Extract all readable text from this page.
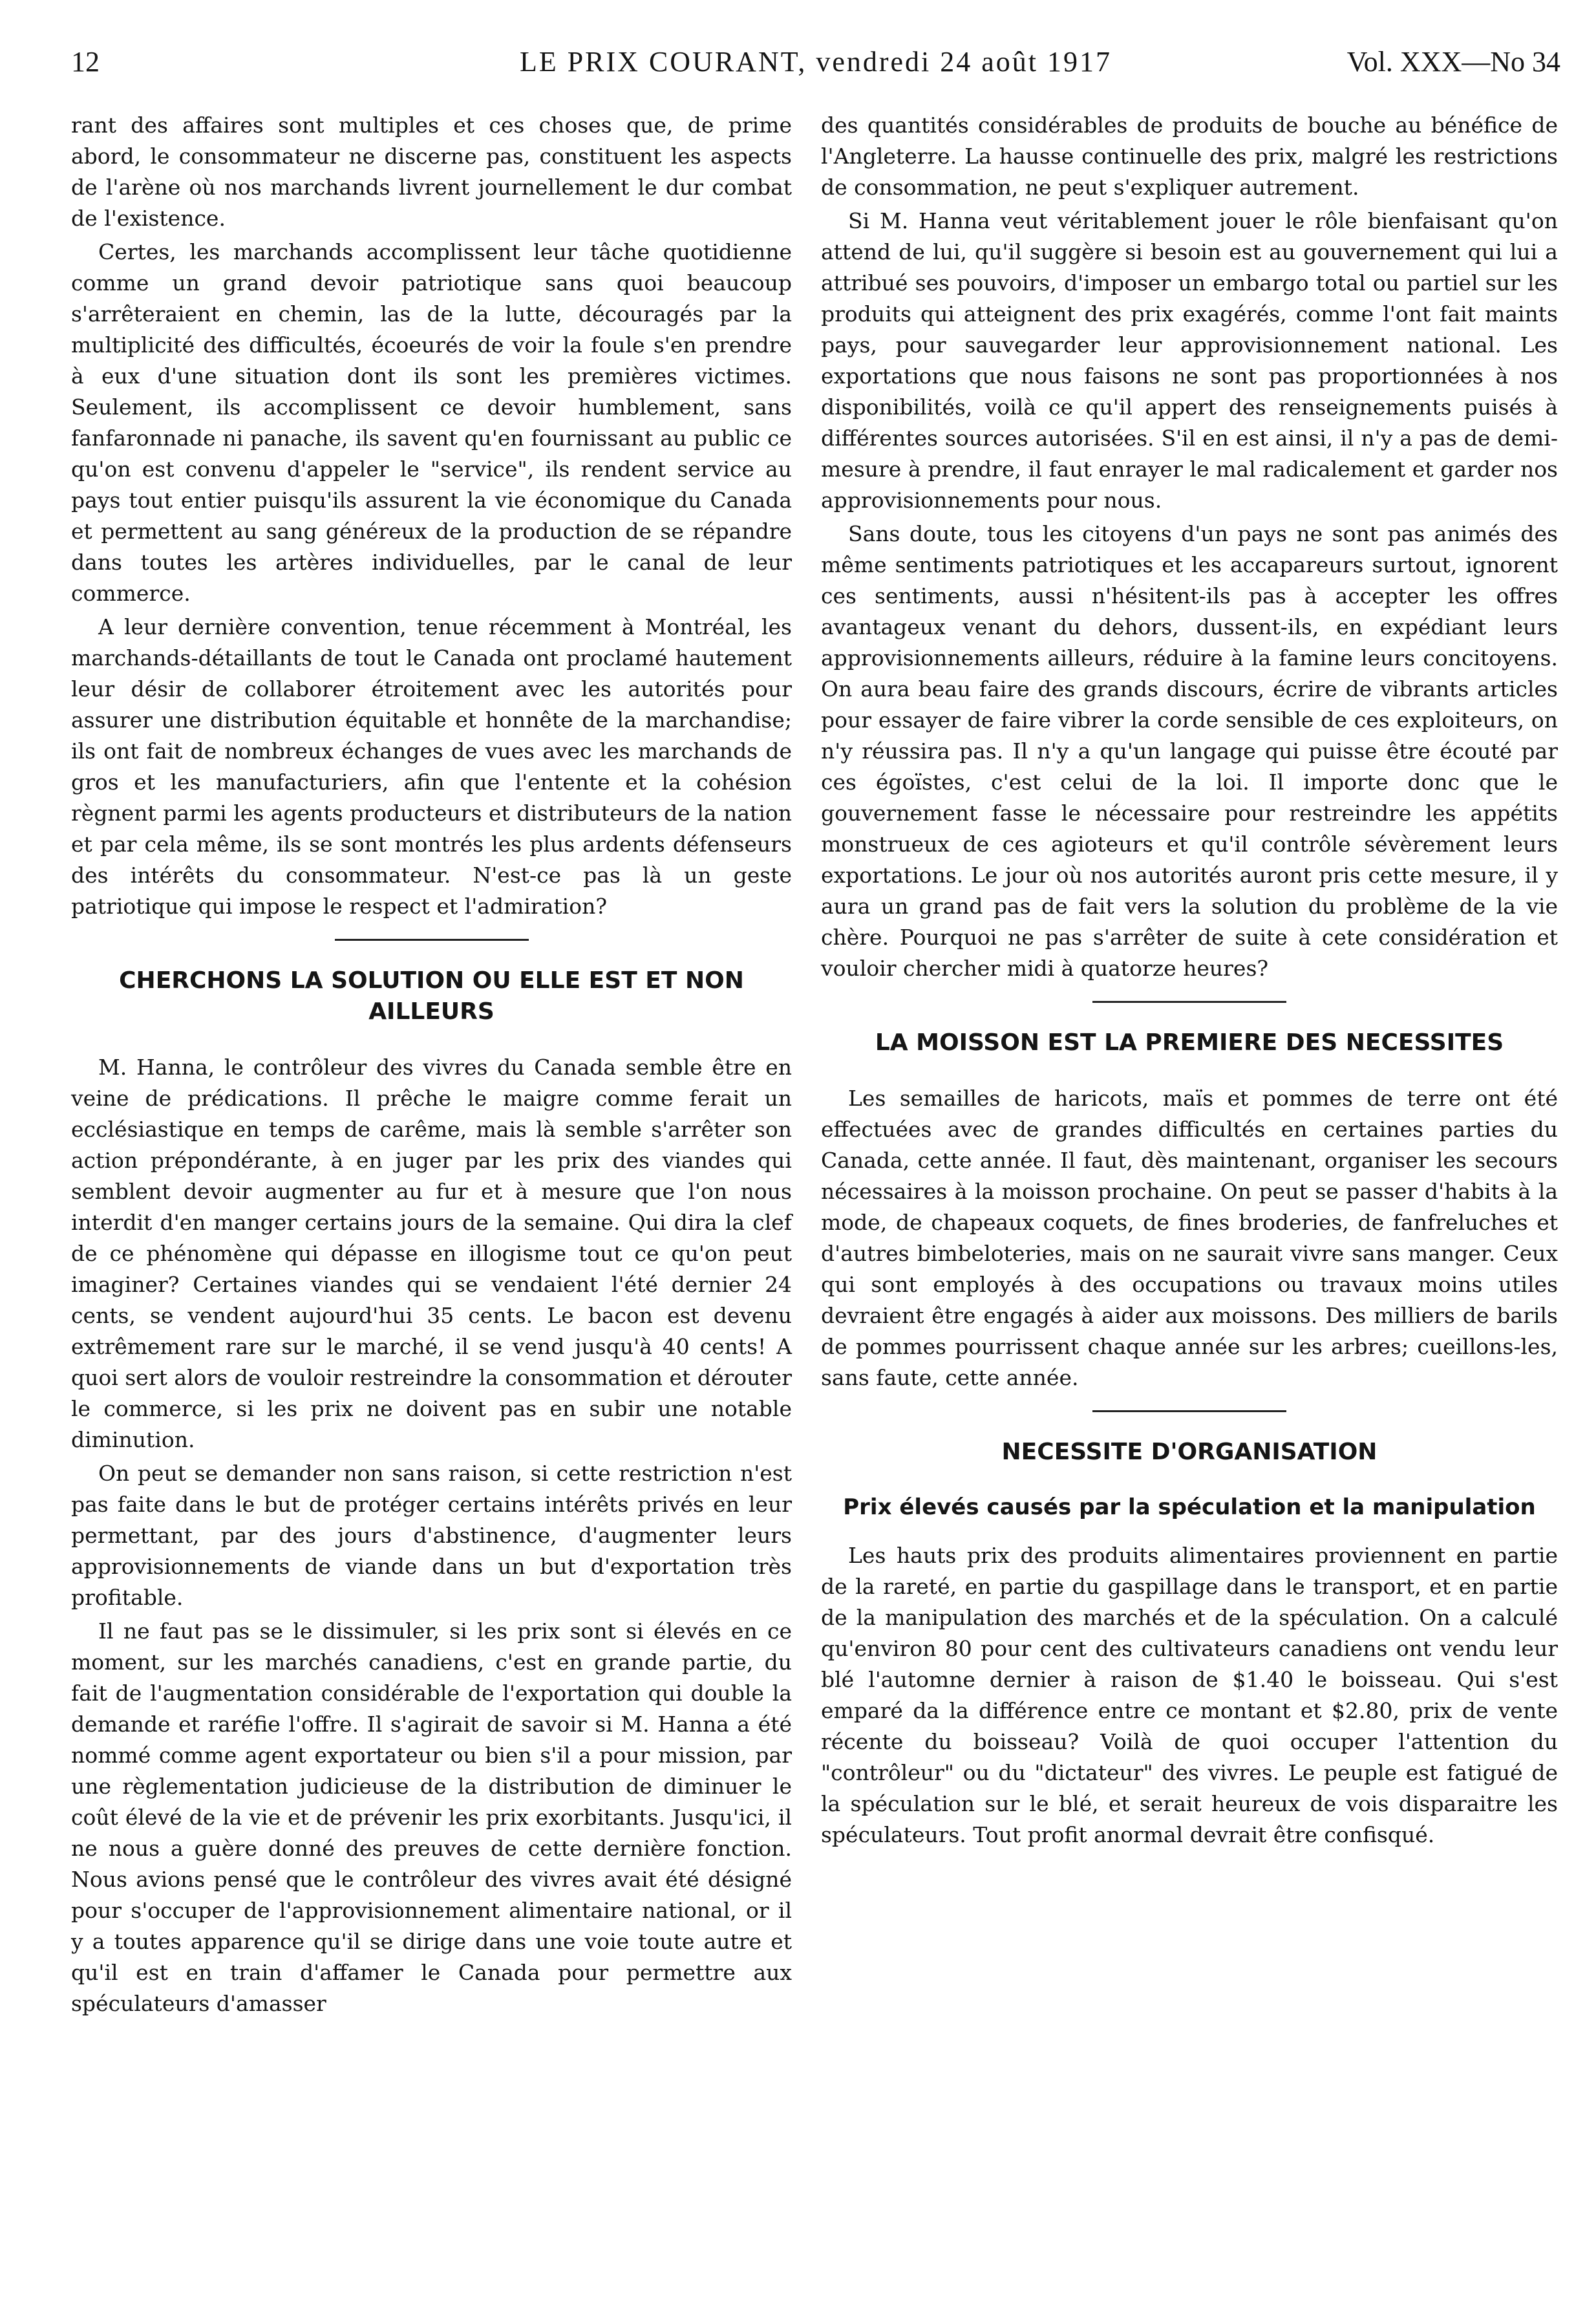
12	LE PRIX COURANT, vendredi 24 août 1917	Vol. XXX—No 34

rant des affaires sont multiples et ces choses que, de prime abord, le consommateur ne discerne pas, constituent les aspects de l'arène où nos marchands livrent journellement le dur combat de l'existence.

Certes, les marchands accomplissent leur tâche quotidienne comme un grand devoir patriotique sans quoi beaucoup s'arrêteraient en chemin, las de la lutte, découragés par la multiplicité des difficultés, écoeurés de voir la foule s'en prendre à eux d'une situation dont ils sont les premières victimes. Seulement, ils accomplissent ce devoir humblement, sans fanfaronnade ni panache, ils savent qu'en fournissant au public ce qu'on est convenu d'appeler le "service", ils rendent service au pays tout entier puisqu'ils assurent la vie économique du Canada et permettent au sang généreux de la production de se répandre dans toutes les artères individuelles, par le canal de leur commerce.

A leur dernière convention, tenue récemment à Montréal, les marchands-détaillants de tout le Canada ont proclamé hautement leur désir de collaborer étroitement avec les autorités pour assurer une distribution équitable et honnête de la marchandise; ils ont fait de nombreux échanges de vues avec les marchands de gros et les manufacturiers, afin que l'entente et la cohésion règnent parmi les agents producteurs et distributeurs de la nation et par cela même, ils se sont montrés les plus ardents défenseurs des intérêts du consommateur. N'est-ce pas là un geste patriotique qui impose le respect et l'admiration?

CHERCHONS LA SOLUTION OU ELLE EST ET NON AILLEURS

M. Hanna, le contrôleur des vivres du Canada semble être en veine de prédications. Il prêche le maigre comme ferait un ecclésiastique en temps de carême, mais là semble s'arrêter son action prépondérante, à en juger par les prix des viandes qui semblent devoir augmenter au fur et à mesure que l'on nous interdit d'en manger certains jours de la semaine. Qui dira la clef de ce phénomène qui dépasse en illogisme tout ce qu'on peut imaginer? Certaines viandes qui se vendaient l'été dernier 24 cents, se vendent aujourd'hui 35 cents. Le bacon est devenu extrêmement rare sur le marché, il se vend jusqu'à 40 cents! A quoi sert alors de vouloir restreindre la consommation et dérouter le commerce, si les prix ne doivent pas en subir une notable diminution.

On peut se demander non sans raison, si cette restriction n'est pas faite dans le but de protéger certains intérêts privés en leur permettant, par des jours d'abstinence, d'augmenter leurs approvisionnements de viande dans un but d'exportation très profitable.

Il ne faut pas se le dissimuler, si les prix sont si élevés en ce moment, sur les marchés canadiens, c'est en grande partie, du fait de l'augmentation considérable de l'exportation qui double la demande et raréfie l'offre. Il s'agirait de savoir si M. Hanna a été nommé comme agent exportateur ou bien s'il a pour mission, par une règlementation judicieuse de la distribution de diminuer le coût élevé de la vie et de prévenir les prix exorbitants. Jusqu'ici, il ne nous a guère donné des preuves de cette dernière fonction. Nous avions pensé que le contrôleur des vivres avait été désigné pour s'occuper de l'approvisionnement alimentaire national, or il y a toutes apparence qu'il se dirige dans une voie toute autre et qu'il est en train d'affamer le Canada pour permettre aux spéculateurs d'amasser

des quantités considérables de produits de bouche au bénéfice de l'Angleterre. La hausse continuelle des prix, malgré les restrictions de consommation, ne peut s'expliquer autrement.

Si M. Hanna veut véritablement jouer le rôle bienfaisant qu'on attend de lui, qu'il suggère si besoin est au gouvernement qui lui a attribué ses pouvoirs, d'imposer un embargo total ou partiel sur les produits qui atteignent des prix exagérés, comme l'ont fait maints pays, pour sauvegarder leur approvisionnement national. Les exportations que nous faisons ne sont pas proportionnées à nos disponibilités, voilà ce qu'il appert des renseignements puisés à différentes sources autorisées. S'il en est ainsi, il n'y a pas de demi-mesure à prendre, il faut enrayer le mal radicalement et garder nos approvisionnements pour nous.

Sans doute, tous les citoyens d'un pays ne sont pas animés des même sentiments patriotiques et les accapareurs surtout, ignorent ces sentiments, aussi n'hésitent-ils pas à accepter les offres avantageux venant du dehors, dussent-ils, en expédiant leurs approvisionnements ailleurs, réduire à la famine leurs concitoyens. On aura beau faire des grands discours, écrire de vibrants articles pour essayer de faire vibrer la corde sensible de ces exploiteurs, on n'y réussira pas. Il n'y a qu'un langage qui puisse être écouté par ces égoïstes, c'est celui de la loi. Il importe donc que le gouvernement fasse le nécessaire pour restreindre les appétits monstrueux de ces agioteurs et qu'il contrôle sévèrement leurs exportations. Le jour où nos autorités auront pris cette mesure, il y aura un grand pas de fait vers la solution du problème de la vie chère. Pourquoi ne pas s'arrêter de suite à cete considération et vouloir chercher midi à quatorze heures?

LA MOISSON EST LA PREMIERE DES NECESSITES

Les semailles de haricots, maïs et pommes de terre ont été effectuées avec de grandes difficultés en certaines parties du Canada, cette année. Il faut, dès maintenant, organiser les secours nécessaires à la moisson prochaine. On peut se passer d'habits à la mode, de chapeaux coquets, de fines broderies, de fanfreluches et d'autres bimbeloteries, mais on ne saurait vivre sans manger. Ceux qui sont employés à des occupations ou travaux moins utiles devraient être engagés à aider aux moissons. Des milliers de barils de pommes pourrissent chaque année sur les arbres; cueillons-les, sans faute, cette année.

NECESSITE D'ORGANISATION
Prix élevés causés par la spéculation et la manipulation

Les hauts prix des produits alimentaires proviennent en partie de la rareté, en partie du gaspillage dans le transport, et en partie de la manipulation des marchés et de la spéculation. On a calculé qu'environ 80 pour cent des cultivateurs canadiens ont vendu leur blé l'automne dernier à raison de $1.40 le boisseau. Qui s'est emparé da la différence entre ce montant et $2.80, prix de vente récente du boisseau? Voilà de quoi occuper l'attention du "contrôleur" ou du "dictateur" des vivres. Le peuple est fatigué de la spéculation sur le blé, et serait heureux de vois disparaitre les spéculateurs. Tout profit anormal devrait être confisqué.
